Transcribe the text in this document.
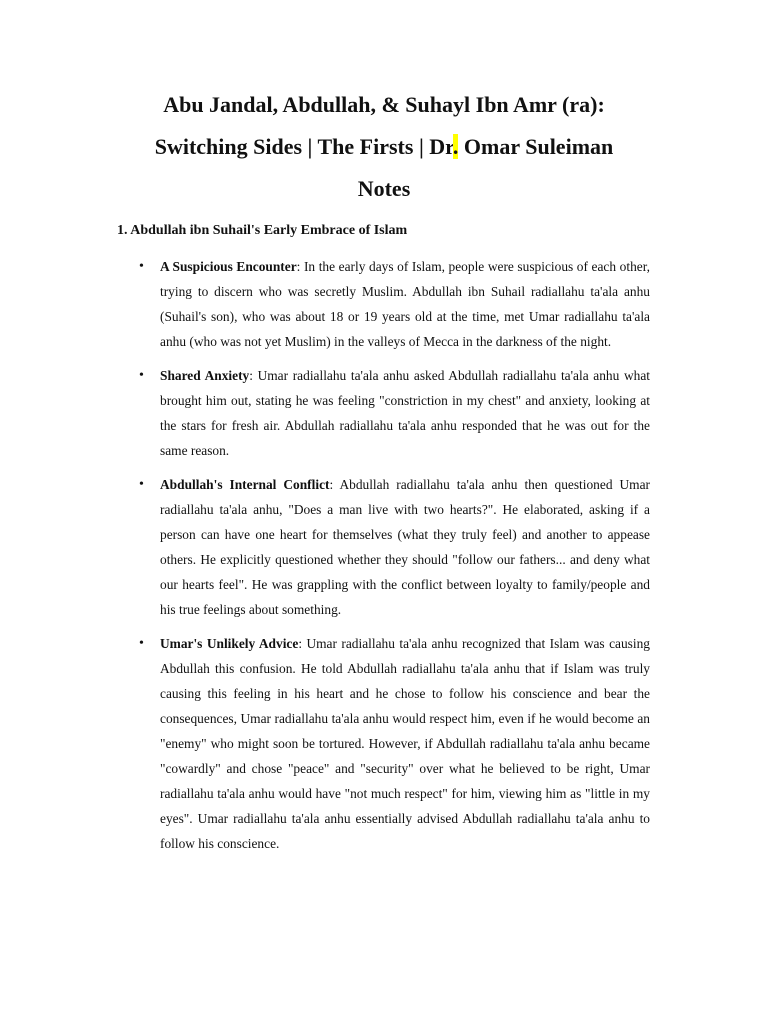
Abu Jandal, Abdullah, & Suhayl Ibn Amr (ra):
Switching Sides | The Firsts | Dr. Omar Suleiman
Notes
1. Abdullah ibn Suhail's Early Embrace of Islam
• A Suspicious Encounter: In the early days of Islam, people were suspicious of each other, trying to discern who was secretly Muslim. Abdullah ibn Suhail radiallahu ta'ala anhu (Suhail's son), who was about 18 or 19 years old at the time, met Umar radiallahu ta'ala anhu (who was not yet Muslim) in the valleys of Mecca in the darkness of the night.
• Shared Anxiety: Umar radiallahu ta'ala anhu asked Abdullah radiallahu ta'ala anhu what brought him out, stating he was feeling "constriction in my chest" and anxiety, looking at the stars for fresh air. Abdullah radiallahu ta'ala anhu responded that he was out for the same reason.
• Abdullah's Internal Conflict: Abdullah radiallahu ta'ala anhu then questioned Umar radiallahu ta'ala anhu, "Does a man live with two hearts?". He elaborated, asking if a person can have one heart for themselves (what they truly feel) and another to appease others. He explicitly questioned whether they should "follow our fathers... and deny what our hearts feel". He was grappling with the conflict between loyalty to family/people and his true feelings about something.
• Umar's Unlikely Advice: Umar radiallahu ta'ala anhu recognized that Islam was causing Abdullah this confusion. He told Abdullah radiallahu ta'ala anhu that if Islam was truly causing this feeling in his heart and he chose to follow his conscience and bear the consequences, Umar radiallahu ta'ala anhu would respect him, even if he would become an "enemy" who might soon be tortured. However, if Abdullah radiallahu ta'ala anhu became "cowardly" and chose "peace" and "security" over what he believed to be right, Umar radiallahu ta'ala anhu would have "not much respect" for him, viewing him as "little in my eyes". Umar radiallahu ta'ala anhu essentially advised Abdullah radiallahu ta'ala anhu to follow his conscience.
